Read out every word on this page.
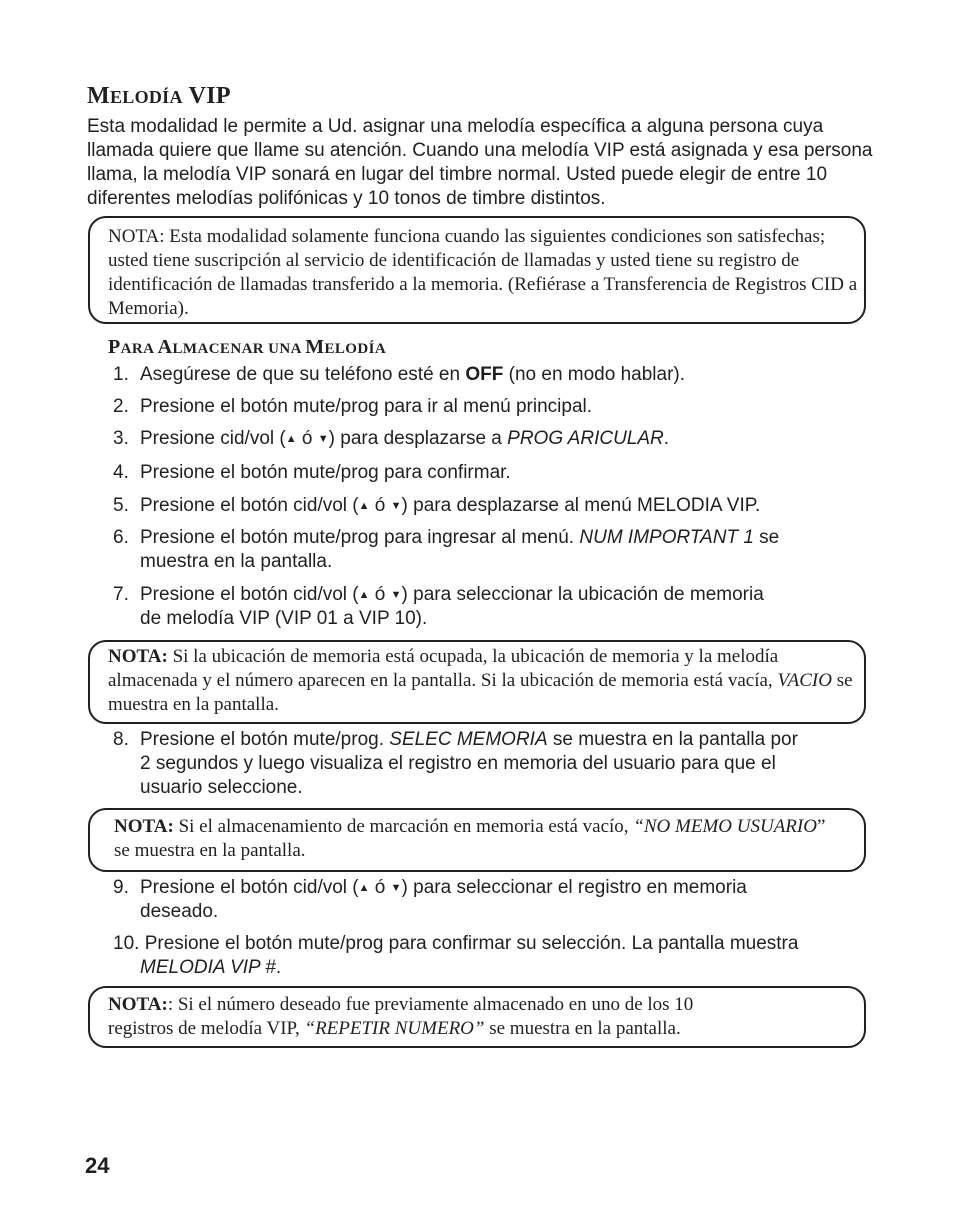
MELODÍA VIP
Esta modalidad le permite a Ud. asignar una melodía específica a alguna persona cuya llamada quiere que llame su atención. Cuando una melodía VIP está asignada y esa persona llama, la melodía VIP sonará en lugar del timbre normal. Usted puede elegir de entre 10 diferentes melodías polifónicas y 10 tonos de timbre distintos.
NOTA: Esta modalidad solamente funciona cuando las siguientes condiciones son satisfechas; usted tiene suscripción al servicio de identificación de llamadas y usted tiene su registro de identificación de llamadas transferido a la memoria. (Refiérase a Transferencia de Registros CID a Memoria).
PARA ALMACENAR UNA MELODÍA
1. Asegúrese de que su teléfono esté en OFF (no en modo hablar).
2. Presione el botón mute/prog para ir al menú principal.
3. Presione cid/vol (▲ ó ▼) para desplazarse a PROG ARICULAR.
4. Presione el botón mute/prog para confirmar.
5. Presione el botón cid/vol (▲ ó ▼) para desplazarse al menú MELODIA VIP.
6. Presione el botón mute/prog para ingresar al menú. NUM IMPORTANT 1 se
muestra en la pantalla.
7. Presione el botón cid/vol (▲ ó ▼) para seleccionar la ubicación de memoria
de melodía VIP (VIP 01 a VIP 10).
NOTA: Si la ubicación de memoria está ocupada, la ubicación de memoria y la melodía almacenada y el número aparecen en la pantalla. Si la ubicación de memoria está vacía, VACIO se muestra en la pantalla.
8. Presione el botón mute/prog. SELEC MEMORIA se muestra en la pantalla por
2 segundos y luego visualiza el registro en memoria del usuario para que el
usuario seleccione.
NOTA: Si el almacenamiento de marcación en memoria está vacío, “NO MEMO USUARIO” se muestra en la pantalla.
9. Presione el botón cid/vol (▲ ó ▼) para seleccionar el registro en memoria
deseado.
10. Presione el botón mute/prog para confirmar su selección. La pantalla muestra
MELODIA VIP #.
NOTA:: Si el número deseado fue previamente almacenado en uno de los 10
registros de melodía VIP, “REPETIR NUMERO” se muestra en la pantalla.
24
